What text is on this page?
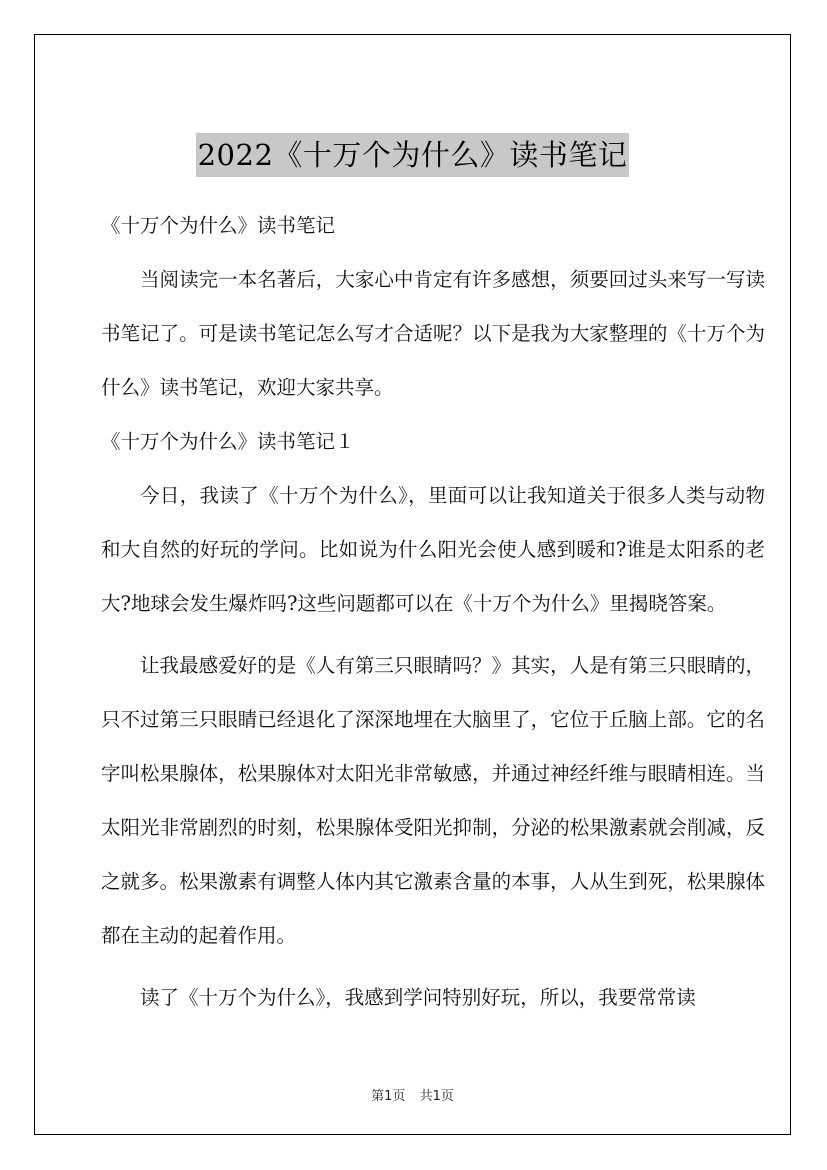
2022《十万个为什么》读书笔记

《十万个为什么》读书笔记

当阅读完一本名著后，大家心中肯定有许多感想，须要回过头来写一写读书笔记了。可是读书笔记怎么写才合适呢？以下是我为大家整理的《十万个为什么》读书笔记，欢迎大家共享。

《十万个为什么》读书笔记１

今日，我读了《十万个为什么》，里面可以让我知道关于很多人类与动物和大自然的好玩的学问。比如说为什么阳光会使人感到暖和?谁是太阳系的老大?地球会发生爆炸吗?这些问题都可以在《十万个为什么》里揭晓答案。

让我最感爱好的是《人有第三只眼睛吗？》其实，人是有第三只眼睛的，只不过第三只眼睛已经退化了深深地埋在大脑里了，它位于丘脑上部。它的名字叫松果腺体，松果腺体对太阳光非常敏感，并通过神经纤维与眼睛相连。当太阳光非常剧烈的时刻，松果腺体受阳光抑制，分泌的松果激素就会削减，反之就多。松果激素有调整人体内其它激素含量的本事，人从生到死，松果腺体都在主动的起着作用。

读了《十万个为什么》，我感到学问特别好玩，所以，我要常常读

第1页 共1页
